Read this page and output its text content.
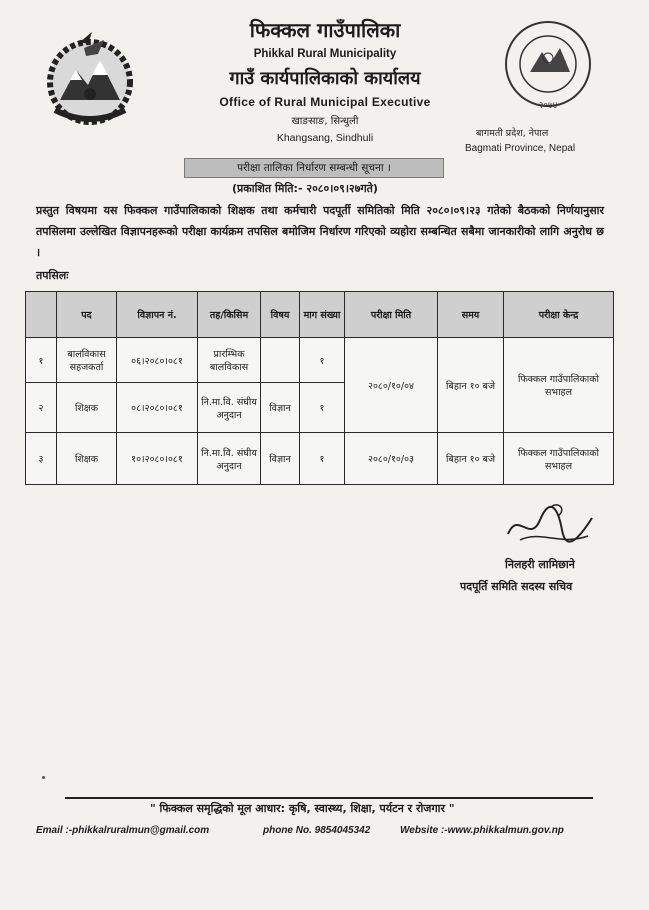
फिक्कल गाउँपालिका
Phikkal Rural Municipality
गाउँ कार्यपालिकाको कार्यालय
Office of Rural Municipal Executive
खाङसाङ, सिन्धुली
Khangsang, Sindhuli
२०७४
बागमती प्रदेश, नेपाल
Bagmati Province, Nepal
परीक्षा तालिका निर्धारण सम्बन्धी सूचना ।
(प्रकाशित मिति:- २०८०।०९।२७गते)
प्रस्तुत विषयमा यस फिक्कल गाउँपालिकाको शिक्षक तथा कर्मचारी पदपूर्ती समितिको मिति २०८०।०९।२३ गतेको बैठकको निर्णयानुसार तपसिलमा उल्लेखित विज्ञापनहरूको परीक्षा कार्यक्रम तपसिल बमोजिम निर्धारण गरिएको व्यहोरा सम्बन्धित सबैमा जानकारीको लागि अनुरोध छ ।
तपसिलः
	पद	विज्ञापन नं.	तह/किसिम	विषय	माग संख्या	परीक्षा मिति	समय	परीक्षा केन्द्र
१	बालविकास सहजकर्ता	०६।२०८०।०८१	प्रारम्भिक बालविकास		१	२०८०/१०/०४	बिहान १० बजे	फिक्कल गाउँपालिकाको सभाहल
२	शिक्षक	०८।२०८०।०८१	नि.मा.वि. संघीय अनुदान	विज्ञान	१			
३	शिक्षक	१०।२०८०।०८१	नि.मा.वि. संघीय अनुदान	विज्ञान	१	२०८०/१०/०३	बिहान १० बजे	फिक्कल गाउँपालिकाको सभाहल
निलहरी लामिछाने
पदपूर्ति समिति सदस्य सचिव
" फिक्कल समृद्धिको मूल आधार: कृषि, स्वास्थ्य, शिक्षा, पर्यटन र रोजगार "
Email :-phikkalruralmun@gmail.com	phone No. 9854045342	Website :-www.phikkalmun.gov.np
